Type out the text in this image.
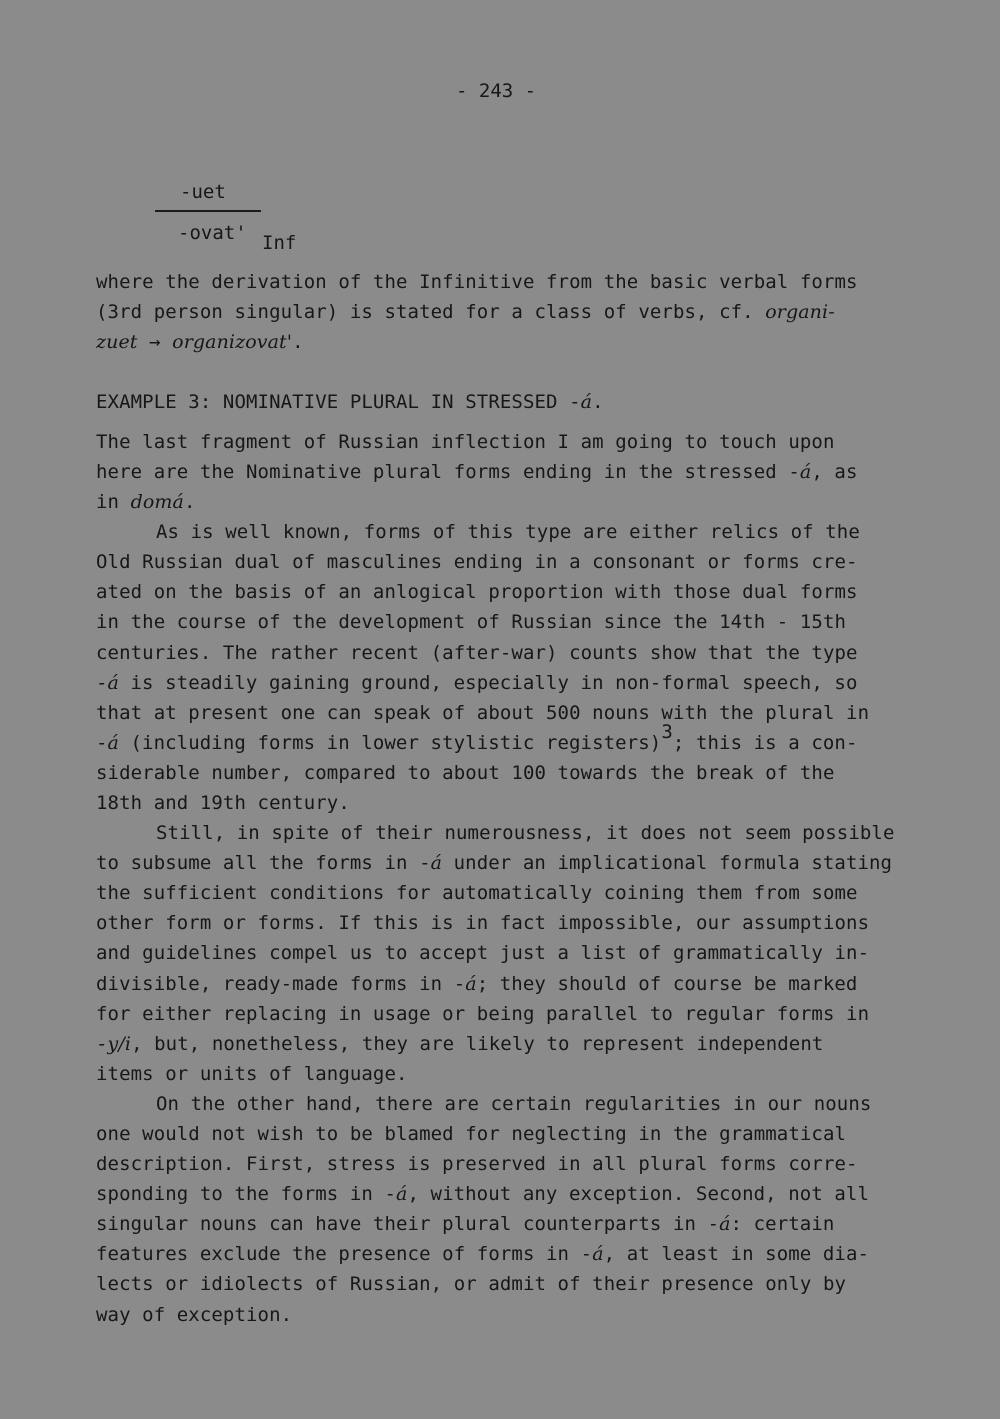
- 243 -
-uet
-ovat' Inf
where the derivation of the Infinitive from the basic verbal forms
(3rd person singular) is stated for a class of verbs, cf. organi-
zuet → organizovat'.
EXAMPLE 3: NOMINATIVE PLURAL IN STRESSED -á.
The last fragment of Russian inflection I am going to touch upon
here are the Nominative plural forms ending in the stressed -á, as
in domá.
As is well known, forms of this type are either relics of the
Old Russian dual of masculines ending in a consonant or forms cre-
ated on the basis of an anlogical proportion with those dual forms
in the course of the development of Russian since the 14th - 15th
centuries. The rather recent (after-war) counts show that the type
-á is steadily gaining ground, especially in non-formal speech, so
that at present one can speak of about 500 nouns with the plural in
-á (including forms in lower stylistic registers)3; this is a con-
siderable number, compared to about 100 towards the break of the
18th and 19th century.
Still, in spite of their numerousness, it does not seem possible
to subsume all the forms in -á under an implicational formula stating
the sufficient conditions for automatically coining them from some
other form or forms. If this is in fact impossible, our assumptions
and guidelines compel us to accept just a list of grammatically in-
divisible, ready-made forms in -á; they should of course be marked
for either replacing in usage or being parallel to regular forms in
-y/i, but, nonetheless, they are likely to represent independent
items or units of language.
On the other hand, there are certain regularities in our nouns
one would not wish to be blamed for neglecting in the grammatical
description. First, stress is preserved in all plural forms corre-
sponding to the forms in -á, without any exception. Second, not all
singular nouns can have their plural counterparts in -á: certain
features exclude the presence of forms in -á, at least in some dia-
lects or idiolects of Russian, or admit of their presence only by
way of exception.
